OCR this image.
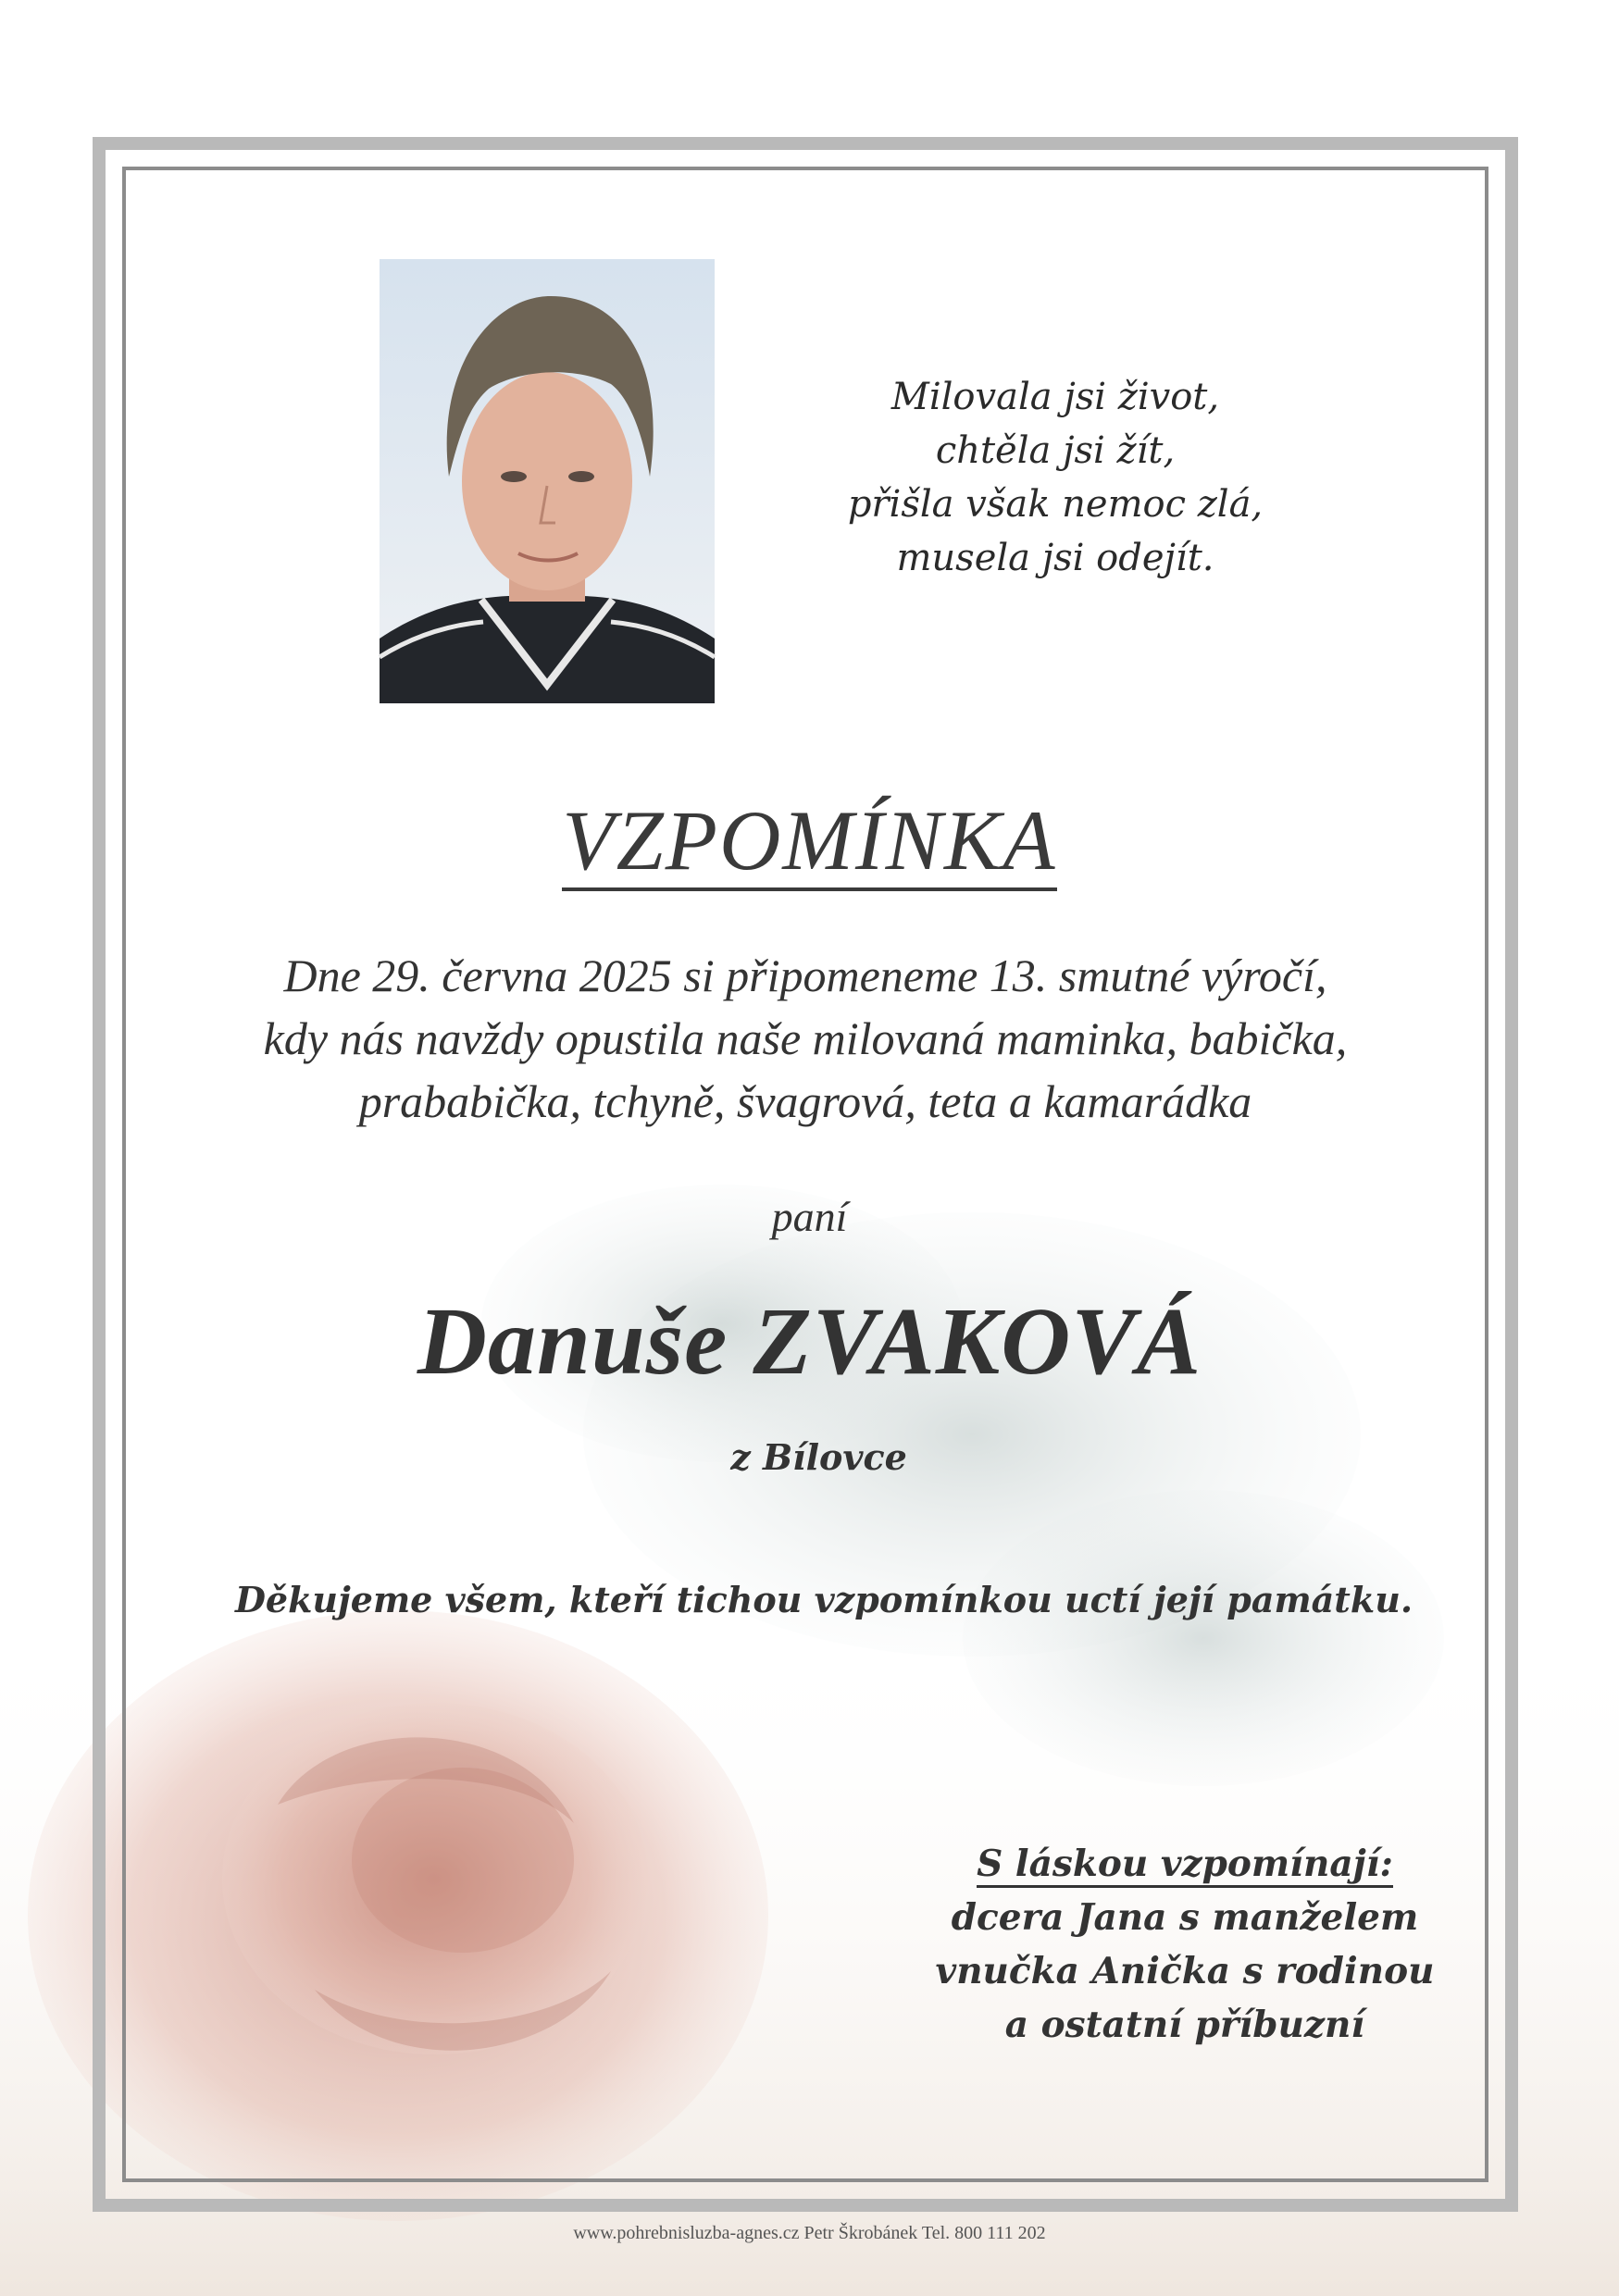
Milovala jsi život,
chtěla jsi žít,
přišla však nemoc zlá,
musela jsi odejít.
VZPOMÍNKA
Dne 29. června 2025 si připomeneme 13. smutné výročí,
kdy nás navždy opustila naše milovaná maminka, babička,
prababička, tchyně, švagrová, teta a kamarádka
paní
Danuše ZVAKOVÁ
z Bílovce
Děkujeme všem, kteří tichou vzpomínkou uctí její památku.
S láskou vzpomínají:
dcera Jana s manželem
vnučka Anička s rodinou
a ostatní příbuzní
